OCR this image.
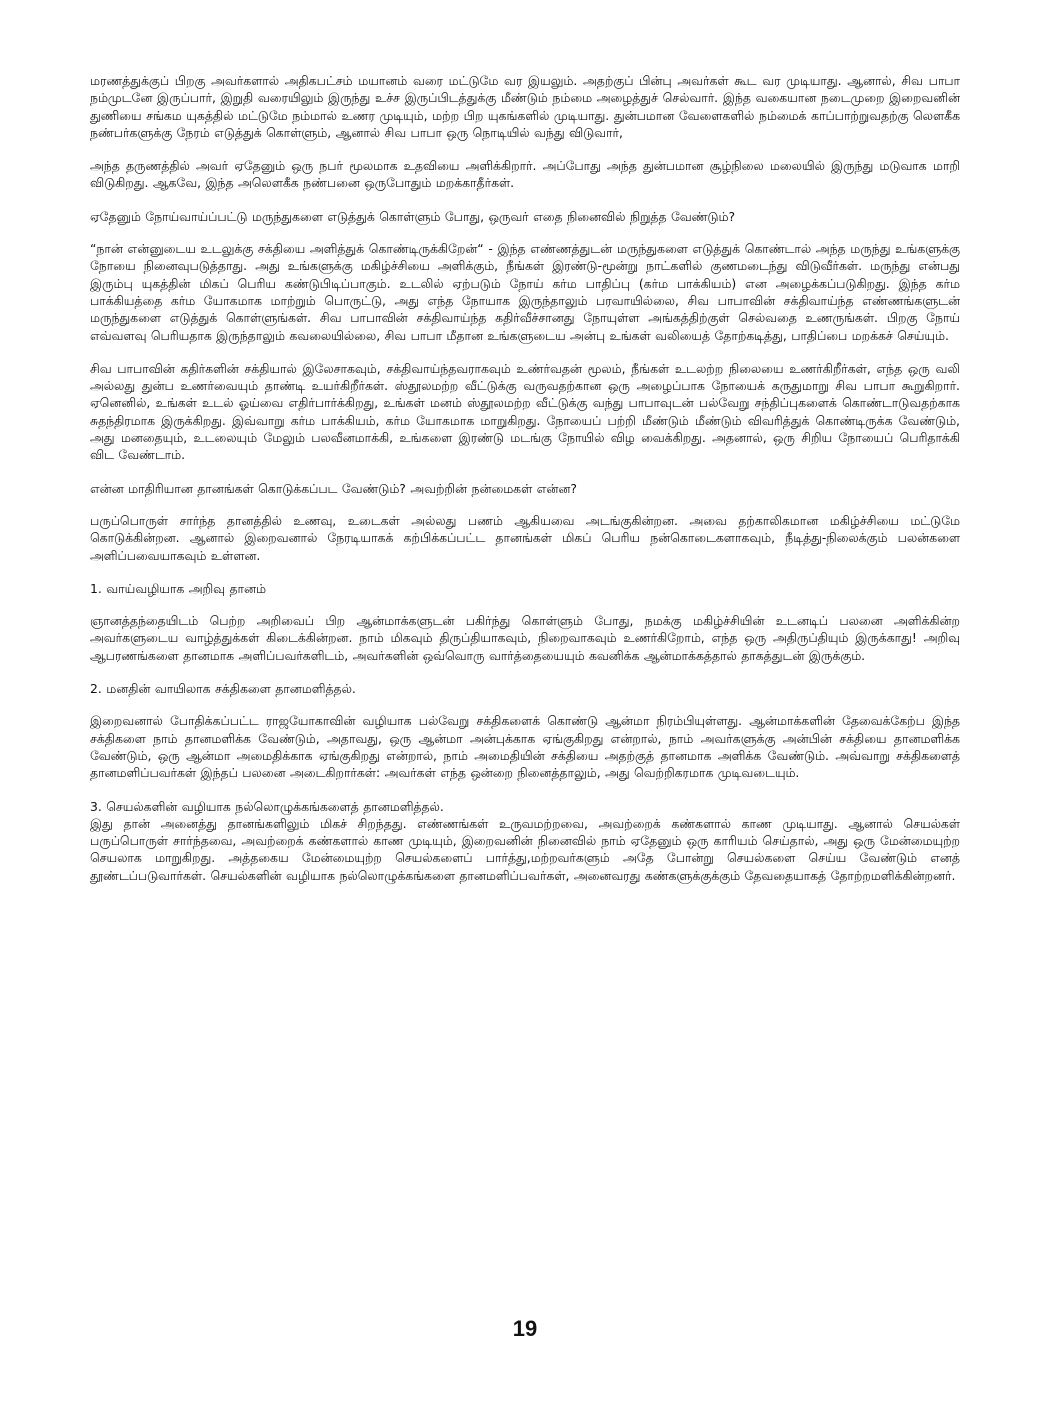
மரணத்துக்குப் பிறகு அவர்களால் அதிகபட்சம் மயானம் வரை மட்டுமே வர இயலும். அதற்குப் பின்பு அவர்கள் கூட வர முடியாது. ஆனால், சிவ பாபா நம்முடனே இருப்பார், இறுதி வரையிலும் இருந்து உச்ச இருப்பிடத்துக்கு மீண்டும் நம்மை அழைத்துச் செல்வார். இந்த வகையான நடைமுறை இறைவனின் துணியை சங்கம யுகத்தில் மட்டுமே நம்மால் உணர முடியும், மற்ற பிற யுகங்களில் முடியாது. துன்பமான வேளைகளில் நம்மைக் காப்பாற்றுவதற்கு லௌகீக நண்பர்களுக்கு நேரம் எடுத்துக் கொள்ளும், ஆனால் சிவ பாபா ஒரு நொடியில் வந்து விடுவார்,

அந்த தருணத்தில் அவர் ஏதேனும் ஒரு நபர் மூலமாக உதவியை அளிக்கிறார். அப்போது அந்த துன்பமான சூழ்நிலை மலையில் இருந்து மடுவாக மாறி விடுகிறது. ஆகவே, இந்த அலௌகீக நண்பனை ஒருபோதும் மறக்காதீர்கள்.

ஏதேனும் நோய்வாய்ப்பட்டு மருந்துகளை எடுத்துக் கொள்ளும் போது, ஒருவர் எதை நினைவில் நிறுத்த வேண்டும்?

“நான் என்னுடைய உடலுக்கு சக்தியை அளித்துக் கொண்டிருக்கிறேன்“ - இந்த எண்ணத்துடன் மருந்துகளை எடுத்துக் கொண்டால் அந்த மருந்து உங்களுக்கு நோயை நினைவுபடுத்தாது. அது உங்களுக்கு மகிழ்ச்சியை அளிக்கும், நீங்கள் இரண்டு-மூன்று நாட்களில் குணமடைந்து விடுவீர்கள். மருந்து என்பது இரும்பு யுகத்தின் மிகப் பெரிய கண்டுபிடிப்பாகும். உடலில் ஏற்படும் நோய் கர்ம பாதிப்பு (கர்ம பாக்கியம்) என அழைக்கப்படுகிறது. இந்த கர்ம பாக்கியத்தை கர்ம யோகமாக மாற்றும் பொருட்டு, அது எந்த நோயாக இருந்தாலும் பரவாயில்லை, சிவ பாபாவின் சக்திவாய்ந்த எண்ணங்களுடன் மருந்துகளை எடுத்துக் கொள்ளுங்கள். சிவ பாபாவின் சக்திவாய்ந்த கதிர்வீச்சானது நோயுள்ள அங்கத்திற்குள் செல்வதை உணருங்கள். பிறகு நோய் எவ்வளவு பெரியதாக இருந்தாலும் கவலையில்லை, சிவ பாபா மீதான உங்களுடைய அன்பு உங்கள் வலியைத் தோற்கடித்து, பாதிப்பை மறக்கச் செய்யும்.

சிவ பாபாவின் கதிர்களின் சக்தியால் இலேசாகவும், சக்திவாய்ந்தவராகவும் உண்ர்வதன் மூலம், நீங்கள் உடலற்ற நிலையை உணர்கிறீர்கள், எந்த ஒரு வலி அல்லது துன்ப உணர்வையும் தாண்டி உயர்கிறீர்கள். ஸ்தூலமற்ற வீட்டுக்கு வருவதற்கான ஒரு அழைப்பாக நோயைக் கருதுமாறு சிவ பாபா கூறுகிறார். ஏனெனில், உங்கள் உடல் ஓய்வை எதிர்பார்க்கிறது, உங்கள் மனம் ஸ்தூலமற்ற வீட்டுக்கு வந்து பாபாவுடன் பல்வேறு சந்திப்புகளைக் கொண்டாடுவதற்காக சுதந்திரமாக இருக்கிறது. இவ்வாறு கர்ம பாக்கியம், கர்ம யோகமாக மாறுகிறது. நோயைப் பற்றி மீண்டும் மீண்டும் விவரித்துக் கொண்டிருக்க வேண்டும், அது மனதையும், உடலையும் மேலும் பலவீனமாக்கி, உங்களை இரண்டு மடங்கு நோயில் விழ வைக்கிறது. அதனால், ஒரு சிறிய நோயைப் பெரிதாக்கி விட வேண்டாம்.

என்ன மாதிரியான தானங்கள் கொடுக்கப்பட வேண்டும்? அவற்றின் நன்மைகள் என்ன?

பருப்பொருள் சார்ந்த தானத்தில் உணவு, உடைகள் அல்லது பணம் ஆகியவை அடங்குகின்றன. அவை தற்காலிகமான மகிழ்ச்சியை மட்டுமே கொடுக்கின்றன. ஆனால் இறைவனால் நேரடியாகக் கற்பிக்கப்பட்ட தானங்கள் மிகப் பெரிய நன்கொடைகளாகவும், நீடித்து-நிலைக்கும் பலன்களை அளிப்பவையாகவும் உள்ளன.

1. வாய்வழியாக அறிவு தானம்

ஞானத்தந்தையிடம் பெற்ற அறிவைப் பிற ஆன்மாக்களுடன் பகிர்ந்து கொள்ளும் போது, நமக்கு மகிழ்ச்சியின் உடனடிப் பலனை அளிக்கின்ற அவர்களுடைய வாழ்த்துக்கள் கிடைக்கின்றன. நாம் மிகவும் திருப்தியாகவும், நிறைவாகவும் உணர்கிறோம், எந்த ஒரு அதிருப்தியும் இருக்காது! அறிவு ஆபரணங்களை தானமாக அளிப்பவர்களிடம், அவர்களின் ஒவ்வொரு வார்த்தையையும் கவனிக்க ஆன்மாக்கத்தால் தாகத்துடன் இருக்கும்.

2. மனதின் வாயிலாக சக்திகளை தானமளித்தல்.

இறைவனால் போதிக்கப்பட்ட ராஜயோகாவின் வழியாக பல்வேறு சக்திகளைக் கொண்டு ஆன்மா நிரம்பியுள்ளது. ஆன்மாக்களின் தேவைக்கேற்ப இந்த சக்திகளை நாம் தானமளிக்க வேண்டும், அதாவது, ஒரு ஆன்மா அன்புக்காக ஏங்குகிறது என்றால், நாம் அவர்களுக்கு அன்பின் சக்தியை தானமளிக்க வேண்டும், ஒரு ஆன்மா அமைதிக்காக ஏங்குகிறது என்றால், நாம் அமைதியின் சக்தியை அதற்குத் தானமாக அளிக்க வேண்டும். அவ்வாறு சக்திகளைத் தானமளிப்பவர்கள் இந்தப் பலனை அடைகிறார்கள்: அவர்கள் எந்த ஒன்றை நினைத்தாலும், அது வெற்றிகரமாக முடிவடையும்.

3. செயல்களின் வழியாக நல்லொழுக்கங்களைத் தானமளித்தல்.

இது தான் அனைத்து தானங்களிலும் மிகச் சிறந்தது. எண்ணங்கள் உருவமற்றவை, அவற்றைக் கண்களால் காண முடியாது. ஆனால் செயல்கள் பருப்பொருள் சார்ந்தவை, அவற்றைக் கண்களால் காண முடியும், இறைவனின் நினைவில் நாம் ஏதேனும் ஒரு காரியம் செய்தால், அது ஒரு மேன்மையுற்ற செயலாக மாறுகிறது. அத்தகைய மேன்மையுற்ற செயல்களைப் பார்த்து,மற்றவர்களும் அதே போன்று செயல்களை செய்ய வேண்டும் எனத் தூண்டப்படுவார்கள். செயல்களின் வழியாக நல்லொழுக்கங்களை தானமளிப்பவர்கள், அனைவரது கண்களுக்குக்கும் தேவதையாகத் தோற்றமளிக்கின்றனர்.

19
